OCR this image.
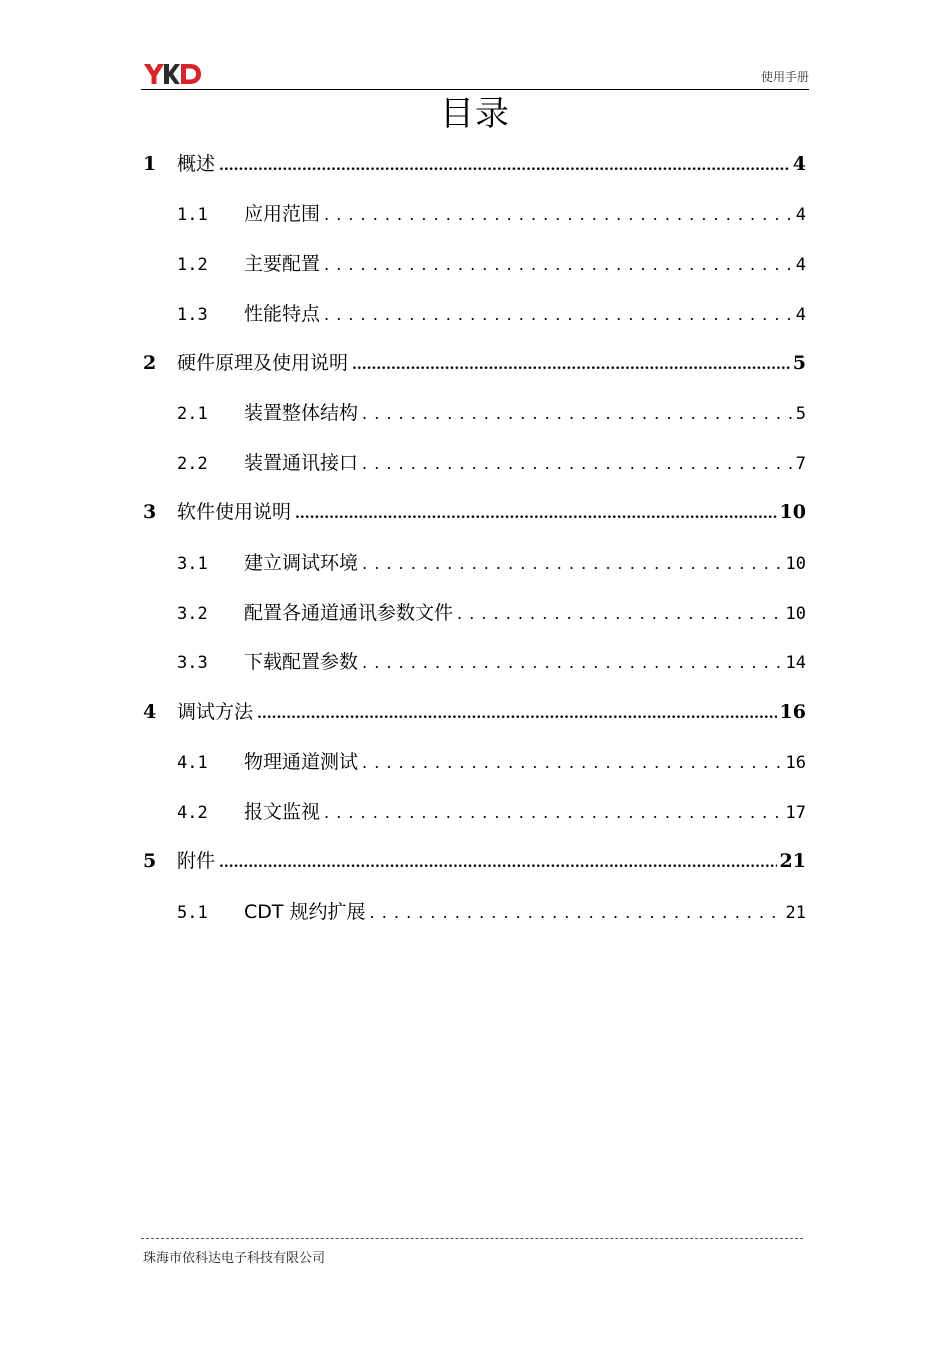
使用手册
目录
1	概述 .....	4
1.1	应用范围 . . .	4
1.2	主要配置 . . .	4
1.3	性能特点 . . .	4
2	硬件原理及使用说明 .....	5
2.1	装置整体结构 . . .	5
2.2	装置通讯接口 . . .	7
3	软件使用说明 .....	10
3.1	建立调试环境 . . .	10
3.2	配置各通道通讯参数文件 . . .	10
3.3	下载配置参数 . . .	14
4	调试方法 .....	16
4.1	物理通道测试 . . .	16
4.2	报文监视 . . .	17
5	附件 .....	21
5.1	CDT 规约扩展 . . .	21
珠海市依科达电子科技有限公司
